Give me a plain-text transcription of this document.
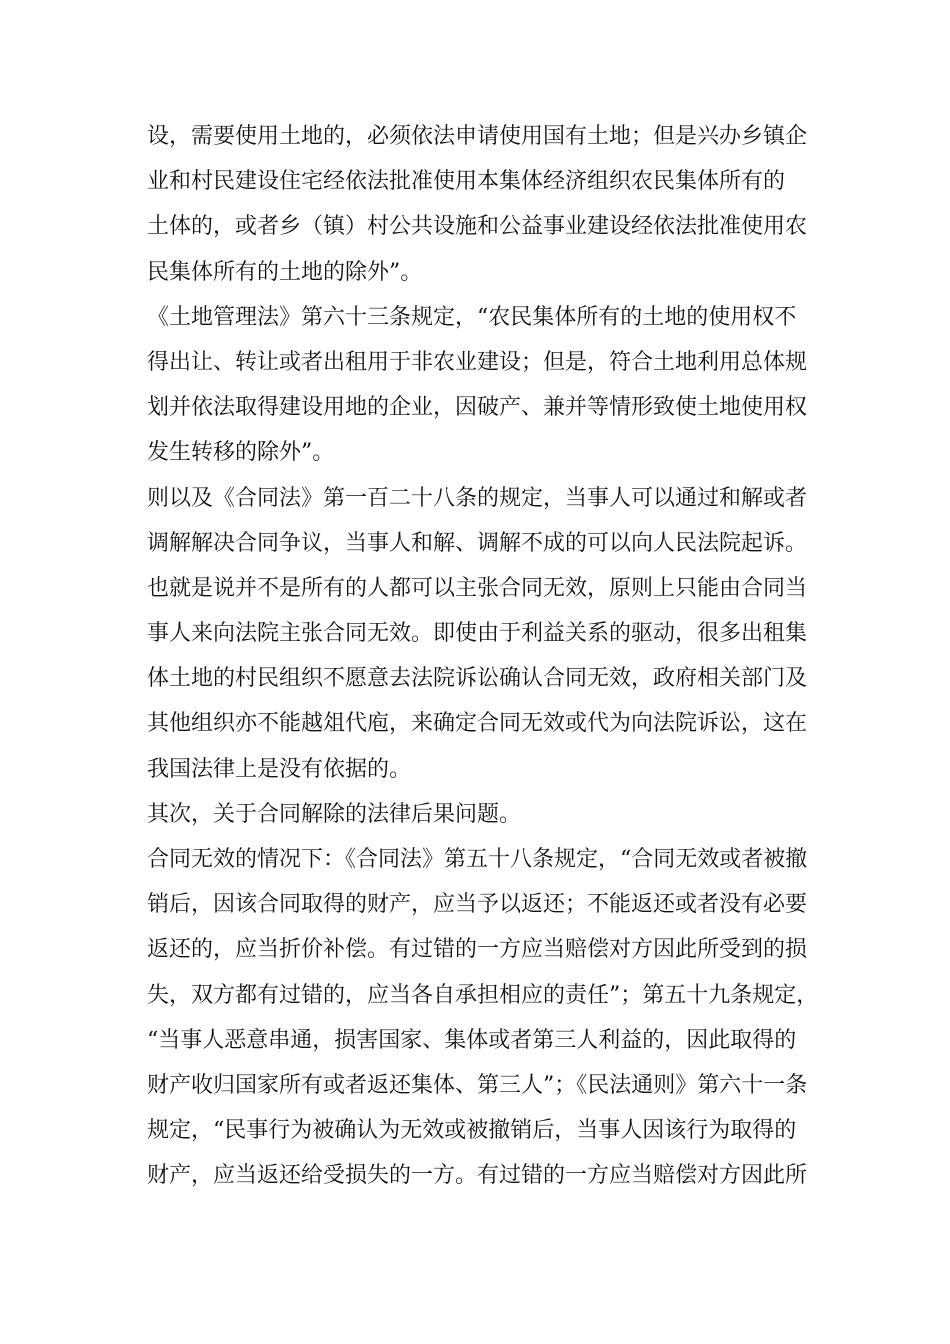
设，需要使用土地的，必须依法申请使用国有土地；但是兴办乡镇企

业和村民建设住宅经依法批准使用本集体经济组织农民集体所有的

土体的，或者乡（镇）村公共设施和公益事业建设经依法批准使用农

民集体所有的土地的除外”。

《土地管理法》第六十三条规定，“农民集体所有的土地的使用权不

得出让、转让或者出租用于非农业建设；但是，符合土地利用总体规

划并依法取得建设用地的企业，因破产、兼并等情形致使土地使用权

发生转移的除外”。

则以及《合同法》第一百二十八条的规定，当事人可以通过和解或者

调解解决合同争议，当事人和解、调解不成的可以向人民法院起诉。

也就是说并不是所有的人都可以主张合同无效，原则上只能由合同当

事人来向法院主张合同无效。即使由于利益关系的驱动，很多出租集

体土地的村民组织不愿意去法院诉讼确认合同无效，政府相关部门及

其他组织亦不能越俎代庖，来确定合同无效或代为向法院诉讼，这在

我国法律上是没有依据的。

其次，关于合同解除的法律后果问题。

合同无效的情况下：《合同法》第五十八条规定，“合同无效或者被撤

销后，因该合同取得的财产，应当予以返还；不能返还或者没有必要

返还的，应当折价补偿。有过错的一方应当赔偿对方因此所受到的损

失，双方都有过错的，应当各自承担相应的责任”；第五十九条规定，

“当事人恶意串通，损害国家、集体或者第三人利益的，因此取得的

财产收归国家所有或者返还集体、第三人”；《民法通则》第六十一条

规定，“民事行为被确认为无效或被撤销后，当事人因该行为取得的

财产，应当返还给受损失的一方。有过错的一方应当赔偿对方因此所
